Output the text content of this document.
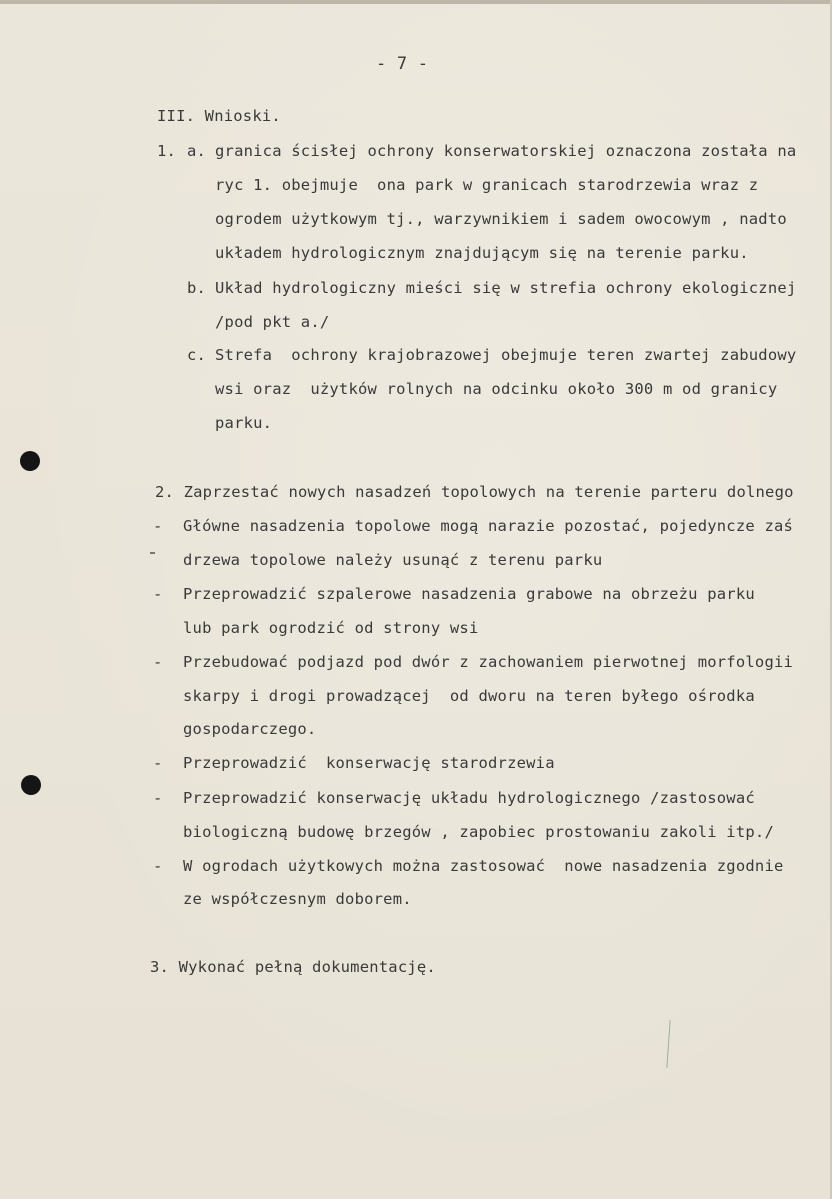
- 7 -
III. Wnioski.
1. a. granica ścisłej ochrony konserwatorskiej oznaczona została na
ryc 1. obejmuje  ona park w granicach starodrzewia wraz z
ogrodem użytkowym tj., warzywnikiem i sadem owocowym , nadto
układem hydrologicznym znajdującym się na terenie parku.
b. Układ hydrologiczny mieści się w strefia ochrony ekologicznej
/pod pkt a./
c. Strefa  ochrony krajobrazowej obejmuje teren zwartej zabudowy
wsi oraz  użytków rolnych na odcinku około 300 m od granicy
parku.
2. Zaprzestać nowych nasadzeń topolowych na terenie parteru dolnego
- Główne nasadzenia topolowe mogą narazie pozostać, pojedyncze zaś
drzewa topolowe należy usunąć z terenu parku
- Przeprowadzić szpalerowe nasadzenia grabowe na obrzeżu parku
lub park ogrodzić od strony wsi
- Przebudować podjazd pod dwór z zachowaniem pierwotnej morfologii
skarpy i drogi prowadzącej  od dworu na teren byłego ośrodka
gospodarczego.
- Przeprowadzić  konserwację starodrzewia
- Przeprowadzić konserwację układu hydrologicznego /zastosować
biologiczną budowę brzegów , zapobiec prostowaniu zakoli itp./
- W ogrodach użytkowych można zastosować  nowe nasadzenia zgodnie
ze współczesnym doborem.
3. Wykonać pełną dokumentację.
